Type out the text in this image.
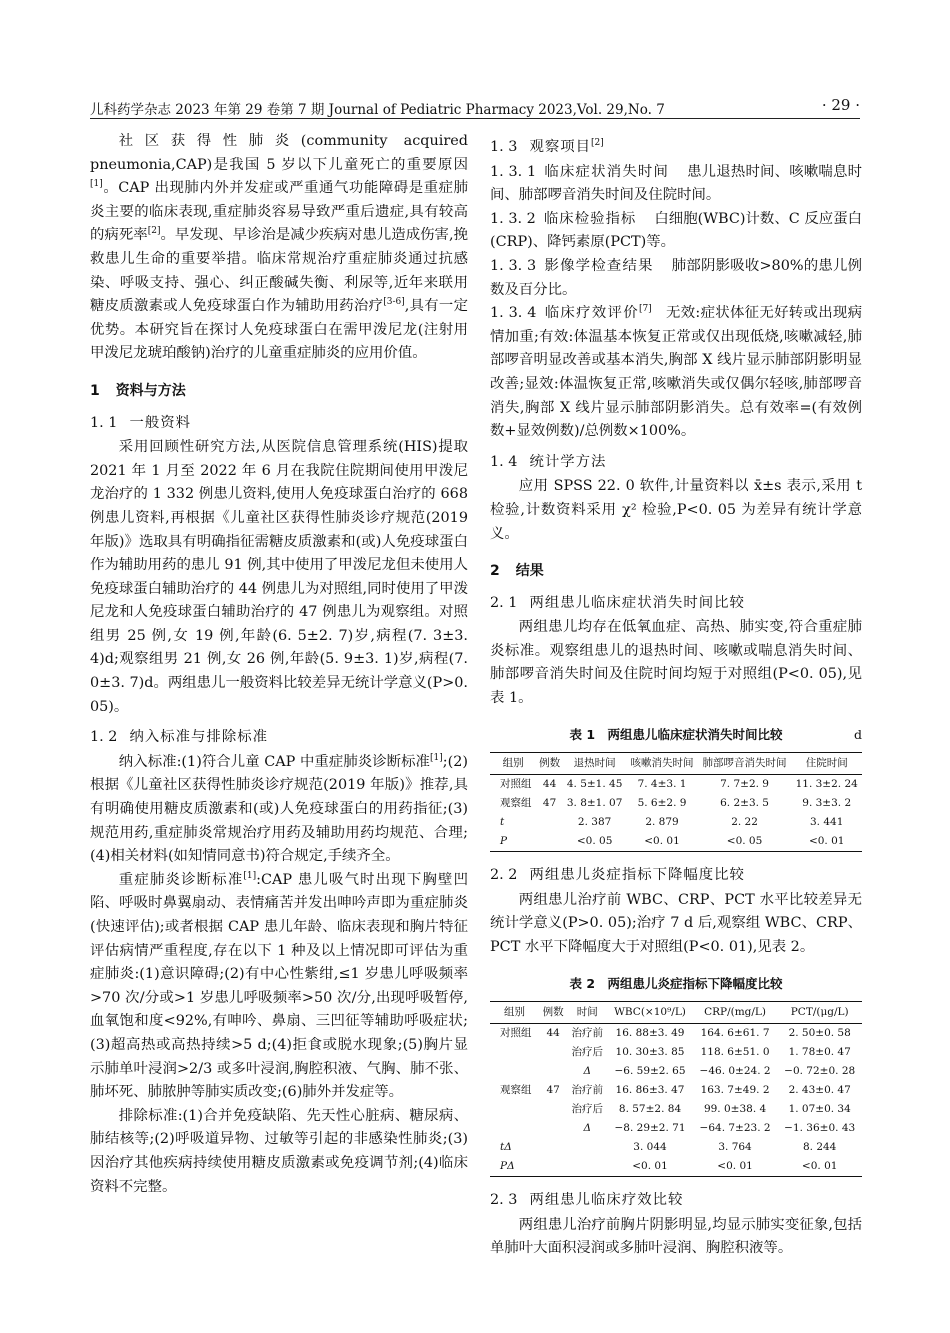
儿科药学杂志 2023 年第 29 卷第 7 期 Journal of Pediatric Pharmacy 2023,Vol. 29,No. 7	· 29 ·

社区获得性肺炎(community acquired pneumonia,CAP)是我国 5 岁以下儿童死亡的重要原因[1]。CAP 出现肺内外并发症或严重通气功能障碍是重症肺炎主要的临床表现,重症肺炎容易导致严重后遗症,具有较高的病死率[2]。早发现、早诊治是减少疾病对患儿造成伤害,挽救患儿生命的重要举措。临床常规治疗重症肺炎通过抗感染、呼吸支持、强心、纠正酸碱失衡、利尿等,近年来联用糖皮质激素或人免疫球蛋白作为辅助用药治疗[3-6],具有一定优势。本研究旨在探讨人免疫球蛋白在需甲泼尼龙(注射用甲泼尼龙琥珀酸钠)治疗的儿童重症肺炎的应用价值。

1 资料与方法

1. 1 一般资料

采用回顾性研究方法,从医院信息管理系统(HIS)提取 2021 年 1 月至 2022 年 6 月在我院住院期间使用甲泼尼龙治疗的 1 332 例患儿资料,使用人免疫球蛋白治疗的 668 例患儿资料,再根据《儿童社区获得性肺炎诊疗规范(2019 年版)》选取具有明确指征需糖皮质激素和(或)人免疫球蛋白作为辅助用药的患儿 91 例,其中使用了甲泼尼龙但未使用人免疫球蛋白辅助治疗的 44 例患儿为对照组,同时使用了甲泼尼龙和人免疫球蛋白辅助治疗的 47 例患儿为观察组。对照组男 25 例,女 19 例,年龄(6. 5±2. 7)岁,病程(7. 3±3. 4)d;观察组男 21 例,女 26 例,年龄(5. 9±3. 1)岁,病程(7. 0±3. 7)d。两组患儿一般资料比较差异无统计学意义(P>0. 05)。

1. 2 纳入标准与排除标准

纳入标准:(1)符合儿童 CAP 中重症肺炎诊断标准[1];(2)根据《儿童社区获得性肺炎诊疗规范(2019 年版)》推荐,具有明确使用糖皮质激素和(或)人免疫球蛋白的用药指征;(3)规范用药,重症肺炎常规治疗用药及辅助用药均规范、合理;(4)相关材料(如知情同意书)符合规定,手续齐全。

重症肺炎诊断标准[1]:CAP 患儿吸气时出现下胸壁凹陷、呼吸时鼻翼扇动、表情痛苦并发出呻吟声即为重症肺炎(快速评估);或者根据 CAP 患儿年龄、临床表现和胸片特征评估病情严重程度,存在以下 1 种及以上情况即可评估为重症肺炎:(1)意识障碍;(2)有中心性紫绀,≤1 岁患儿呼吸频率>70 次/分或>1 岁患儿呼吸频率>50 次/分,出现呼吸暂停,血氧饱和度<92%,有呻吟、鼻扇、三凹征等辅助呼吸症状;(3)超高热或高热持续>5 d;(4)拒食或脱水现象;(5)胸片显示肺单叶浸润>2/3 或多叶浸润,胸腔积液、气胸、肺不张、肺坏死、肺脓肿等肺实质改变;(6)肺外并发症等。

排除标准:(1)合并免疫缺陷、先天性心脏病、糖尿病、肺结核等;(2)呼吸道异物、过敏等引起的非感染性肺炎;(3)因治疗其他疾病持续使用糖皮质激素或免疫调节剂;(4)临床资料不完整。

1. 3 观察项目[2]

1. 3. 1 临床症状消失时间 患儿退热时间、咳嗽喘息时间、肺部啰音消失时间及住院时间。

1. 3. 2 临床检验指标 白细胞(WBC)计数、C 反应蛋白(CRP)、降钙素原(PCT)等。

1. 3. 3 影像学检查结果 肺部阴影吸收>80%的患儿例数及百分比。

1. 3. 4 临床疗效评价[7] 无效:症状体征无好转或出现病情加重;有效:体温基本恢复正常或仅出现低烧,咳嗽减轻,肺部啰音明显改善或基本消失,胸部 X 线片显示肺部阴影明显改善;显效:体温恢复正常,咳嗽消失或仅偶尔轻咳,肺部啰音消失,胸部 X 线片显示肺部阴影消失。总有效率=(有效例数+显效例数)/总例数×100%。

1. 4 统计学方法

应用 SPSS 22. 0 软件,计量资料以 x̄±s 表示,采用 t 检验,计数资料采用 χ² 检验,P<0. 05 为差异有统计学意义。

2 结果

2. 1 两组患儿临床症状消失时间比较

两组患儿均存在低氧血症、高热、肺实变,符合重症肺炎标准。观察组患儿的退热时间、咳嗽或喘息消失时间、肺部啰音消失时间及住院时间均短于对照组(P<0. 05),见表 1。

表 1　两组患儿临床症状消失时间比较	d
组别	例数	退热时间	咳嗽消失时间	肺部啰音消失时间	住院时间
对照组	44	4. 5±1. 45	7. 4±3. 1	7. 7±2. 9	11. 3±2. 24
观察组	47	3. 8±1. 07	5. 6±2. 9	6. 2±3. 5	9. 3±3. 2
t		2. 387	2. 879	2. 22	3. 441
P		<0. 05	<0. 01	<0. 05	<0. 01

2. 2 两组患儿炎症指标下降幅度比较

两组患儿治疗前 WBC、CRP、PCT 水平比较差异无统计学意义(P>0. 05);治疗 7 d 后,观察组 WBC、CRP、PCT 水平下降幅度大于对照组(P<0. 01),见表 2。

表 2　两组患儿炎症指标下降幅度比较
组别	例数	时间	WBC(×10⁹/L)	CRP/(mg/L)	PCT/(μg/L)
对照组	44	治疗前	16. 88±3. 49	164. 6±61. 7	2. 50±0. 58
		治疗后	10. 30±3. 85	118. 6±51. 0	1. 78±0. 47
		Δ	−6. 59±2. 65	−46. 0±24. 2	−0. 72±0. 28
观察组	47	治疗前	16. 86±3. 47	163. 7±49. 2	2. 43±0. 47
		治疗后	8. 57±2. 84	99. 0±38. 4	1. 07±0. 34
		Δ	−8. 29±2. 71	−64. 7±23. 2	−1. 36±0. 43
tΔ			3. 044	3. 764	8. 244
PΔ			<0. 01	<0. 01	<0. 01

2. 3 两组患儿临床疗效比较

两组患儿治疗前胸片阴影明显,均显示肺实变征象,包括单肺叶大面积浸润或多肺叶浸润、胸腔积液等。
